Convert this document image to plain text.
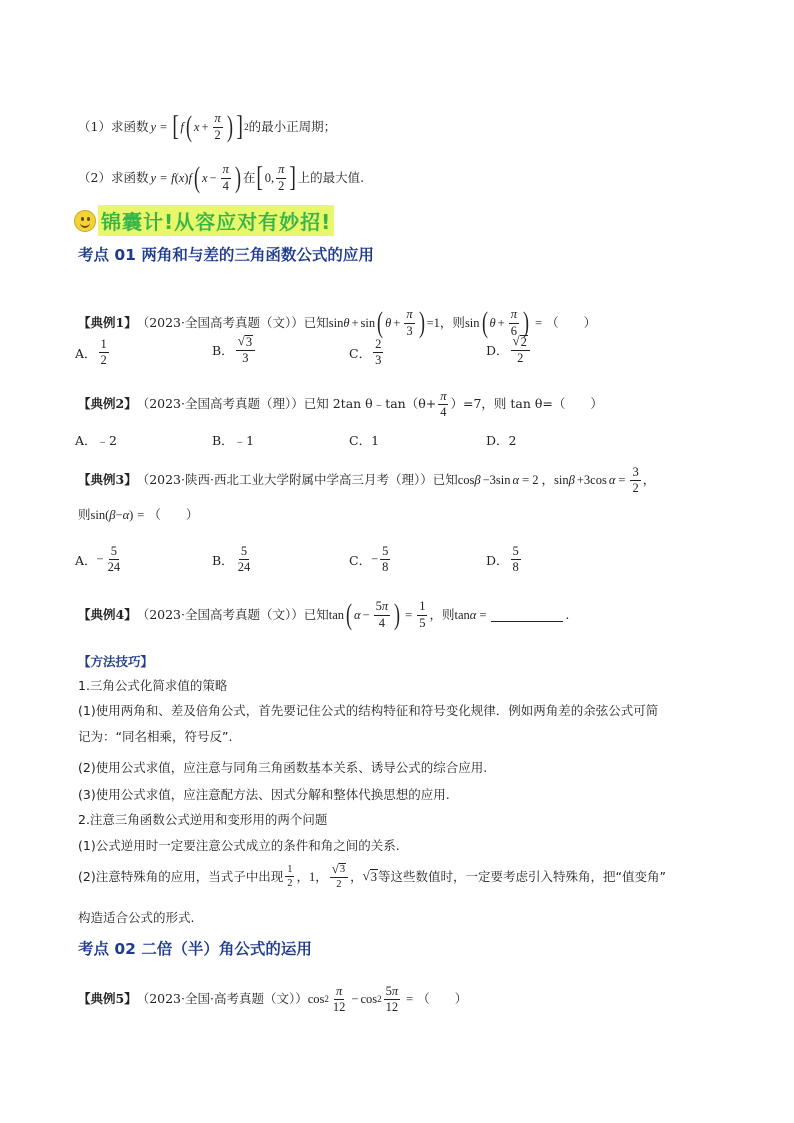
（1）求函数 y = [ f ( $x + \frac{\pi}{2}$ ) ] 2 的最小正周期；
（2）求函数 y = f ( x ) f ( $x - \frac{\pi}{4}$ ) 在 [ 0, $\frac{\pi}{2}$ ] 上的最大值.
锦囊计!从容应对有妙招!
考点 01 两角和与差的三角函数公式的应用
【典例1】 （2023·全国高考真题（文））已知 sin θ + sin ( $\theta + \frac{\pi}{3}$ ) =1 ，则 sin ( $\theta + \frac{\pi}{6}$ ) = （　　）
A． $\frac{1}{2}$	B． $\frac{√ 3}{3}$	C． $\frac{2}{3}$	D． $\frac{√ 2}{2}$
【典例2】 （2023·全国高考真题（理））已知 2tan θ﹣tan（θ+ $\frac{\pi}{4} )=7$，则 tan θ=（　　）
A．﹣2	B．﹣1	C．1	D．2
【典例3】 （2023·陕西·西北工业大学附属中学高三月考（理））已知 cos β −3sin α = 2 ， sin β +3cos $\alpha = \frac{3}{2}$ ，
则 sin( β − α ) = （　　）
A． − $\frac{5}{24}$	B． $\frac{5}{24}$	C． − $\frac{5}{8}$	D． $\frac{5}{8}$
【典例4】 （2023·全国高考真题（文））已知 tan ( $\alpha - \frac{5\pi}{4}$ ) = $\frac{1}{5}$ ，则 tan α =	.
【方法技巧】
1.三角公式化简求值的策略
(1)使用两角和、差及倍角公式，首先要记住公式的结构特征和符号变化规律．例如两角差的余弦公式可简
记为：“同名相乘，符号反”.
(2)使用公式求值，应注意与同角三角函数基本关系、诱导公式的综合应用.
(3)使用公式求值，应注意配方法、因式分解和整体代换思想的应用.
2.注意三角函数公式逆用和变形用的两个问题
(1)公式逆用时一定要注意公式成立的条件和角之间的关系.
(2)注意特殊角的应用，当式子中出现 $\frac{1}{2}$ ，1， $\frac{√ 3}{2}$ ， √ 3 等这些数值时，一定要考虑引入特殊角，把“值变角”
构造适合公式的形式.
考点 02 二倍（半）角公式的运用
【典例5】 （2023·全国·高考真题（文）） $\cos 2 \frac{\pi}{12} - \cos 2 \frac{5\pi}{12}$ = （　　）
